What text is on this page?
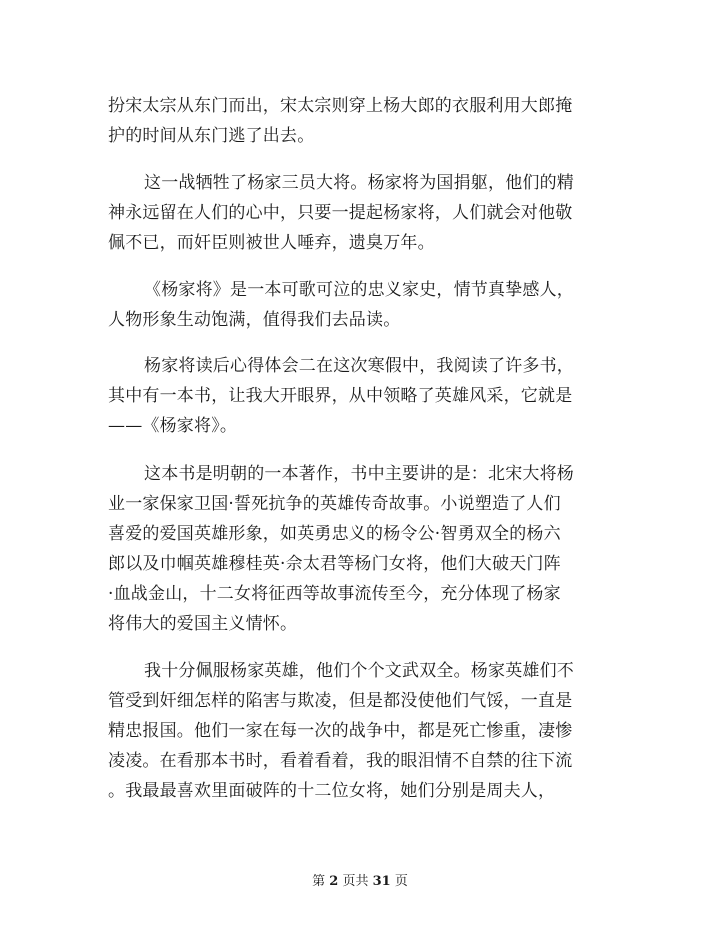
扮宋太宗从东门而出，宋太宗则穿上杨大郎的衣服利用大郎掩
护的时间从东门逃了出去。
这一战牺牲了杨家三员大将。杨家将为国捐躯，他们的精
神永远留在人们的心中，只要一提起杨家将，人们就会对他敬
佩不已，而奸臣则被世人唾弃，遗臭万年。
《杨家将》是一本可歌可泣的忠义家史，情节真挚感人，
人物形象生动饱满，值得我们去品读。
杨家将读后心得体会二在这次寒假中，我阅读了许多书，
其中有一本书，让我大开眼界，从中领略了英雄风采，它就是
——《杨家将》。
这本书是明朝的一本著作，书中主要讲的是：北宋大将杨
业一家保家卫国·誓死抗争的英雄传奇故事。小说塑造了人们
喜爱的爱国英雄形象，如英勇忠义的杨令公·智勇双全的杨六
郎以及巾帼英雄穆桂英·佘太君等杨门女将，他们大破天门阵
·血战金山，十二女将征西等故事流传至今，充分体现了杨家
将伟大的爱国主义情怀。
我十分佩服杨家英雄，他们个个文武双全。杨家英雄们不
管受到奸细怎样的陷害与欺凌，但是都没使他们气馁，一直是
精忠报国。他们一家在每一次的战争中，都是死亡惨重，凄惨
凌凌。在看那本书时，看着看着，我的眼泪情不自禁的往下流
。我最最喜欢里面破阵的十二位女将，她们分别是周夫人，
第 2 页共 31 页
